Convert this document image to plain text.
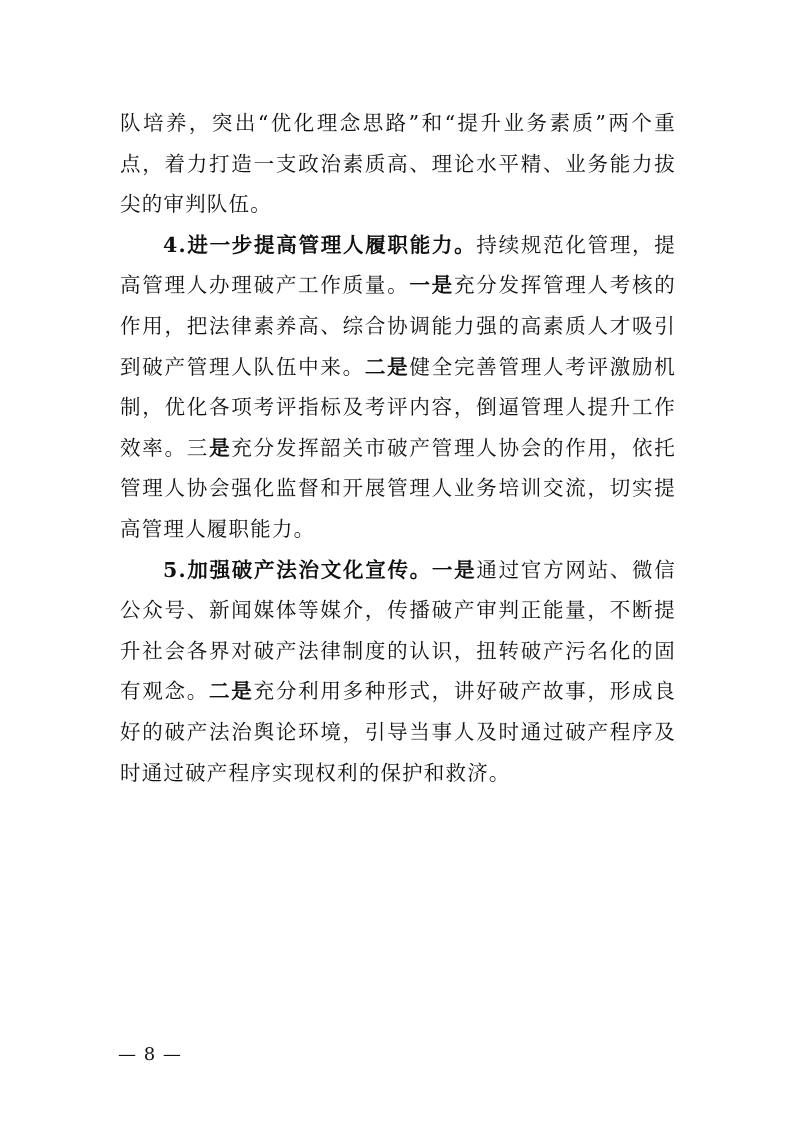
队培养，突出“优化理念思路”和“提升业务素质”两个重点，着力打造一支政治素质高、理论水平精、业务能力拔尖的审判队伍。

4.进一步提高管理人履职能力。持续规范化管理，提高管理人办理破产工作质量。一是充分发挥管理人考核的作用，把法律素养高、综合协调能力强的高素质人才吸引到破产管理人队伍中来。二是健全完善管理人考评激励机制，优化各项考评指标及考评内容，倒逼管理人提升工作效率。三是充分发挥韶关市破产管理人协会的作用，依托管理人协会强化监督和开展管理人业务培训交流，切实提高管理人履职能力。

5.加强破产法治文化宣传。一是通过官方网站、微信公众号、新闻媒体等媒介，传播破产审判正能量，不断提升社会各界对破产法律制度的认识，扭转破产污名化的固有观念。二是充分利用多种形式，讲好破产故事，形成良好的破产法治舆论环境，引导当事人及时通过破产程序及时通过破产程序实现权利的保护和救济。

— 8 —
